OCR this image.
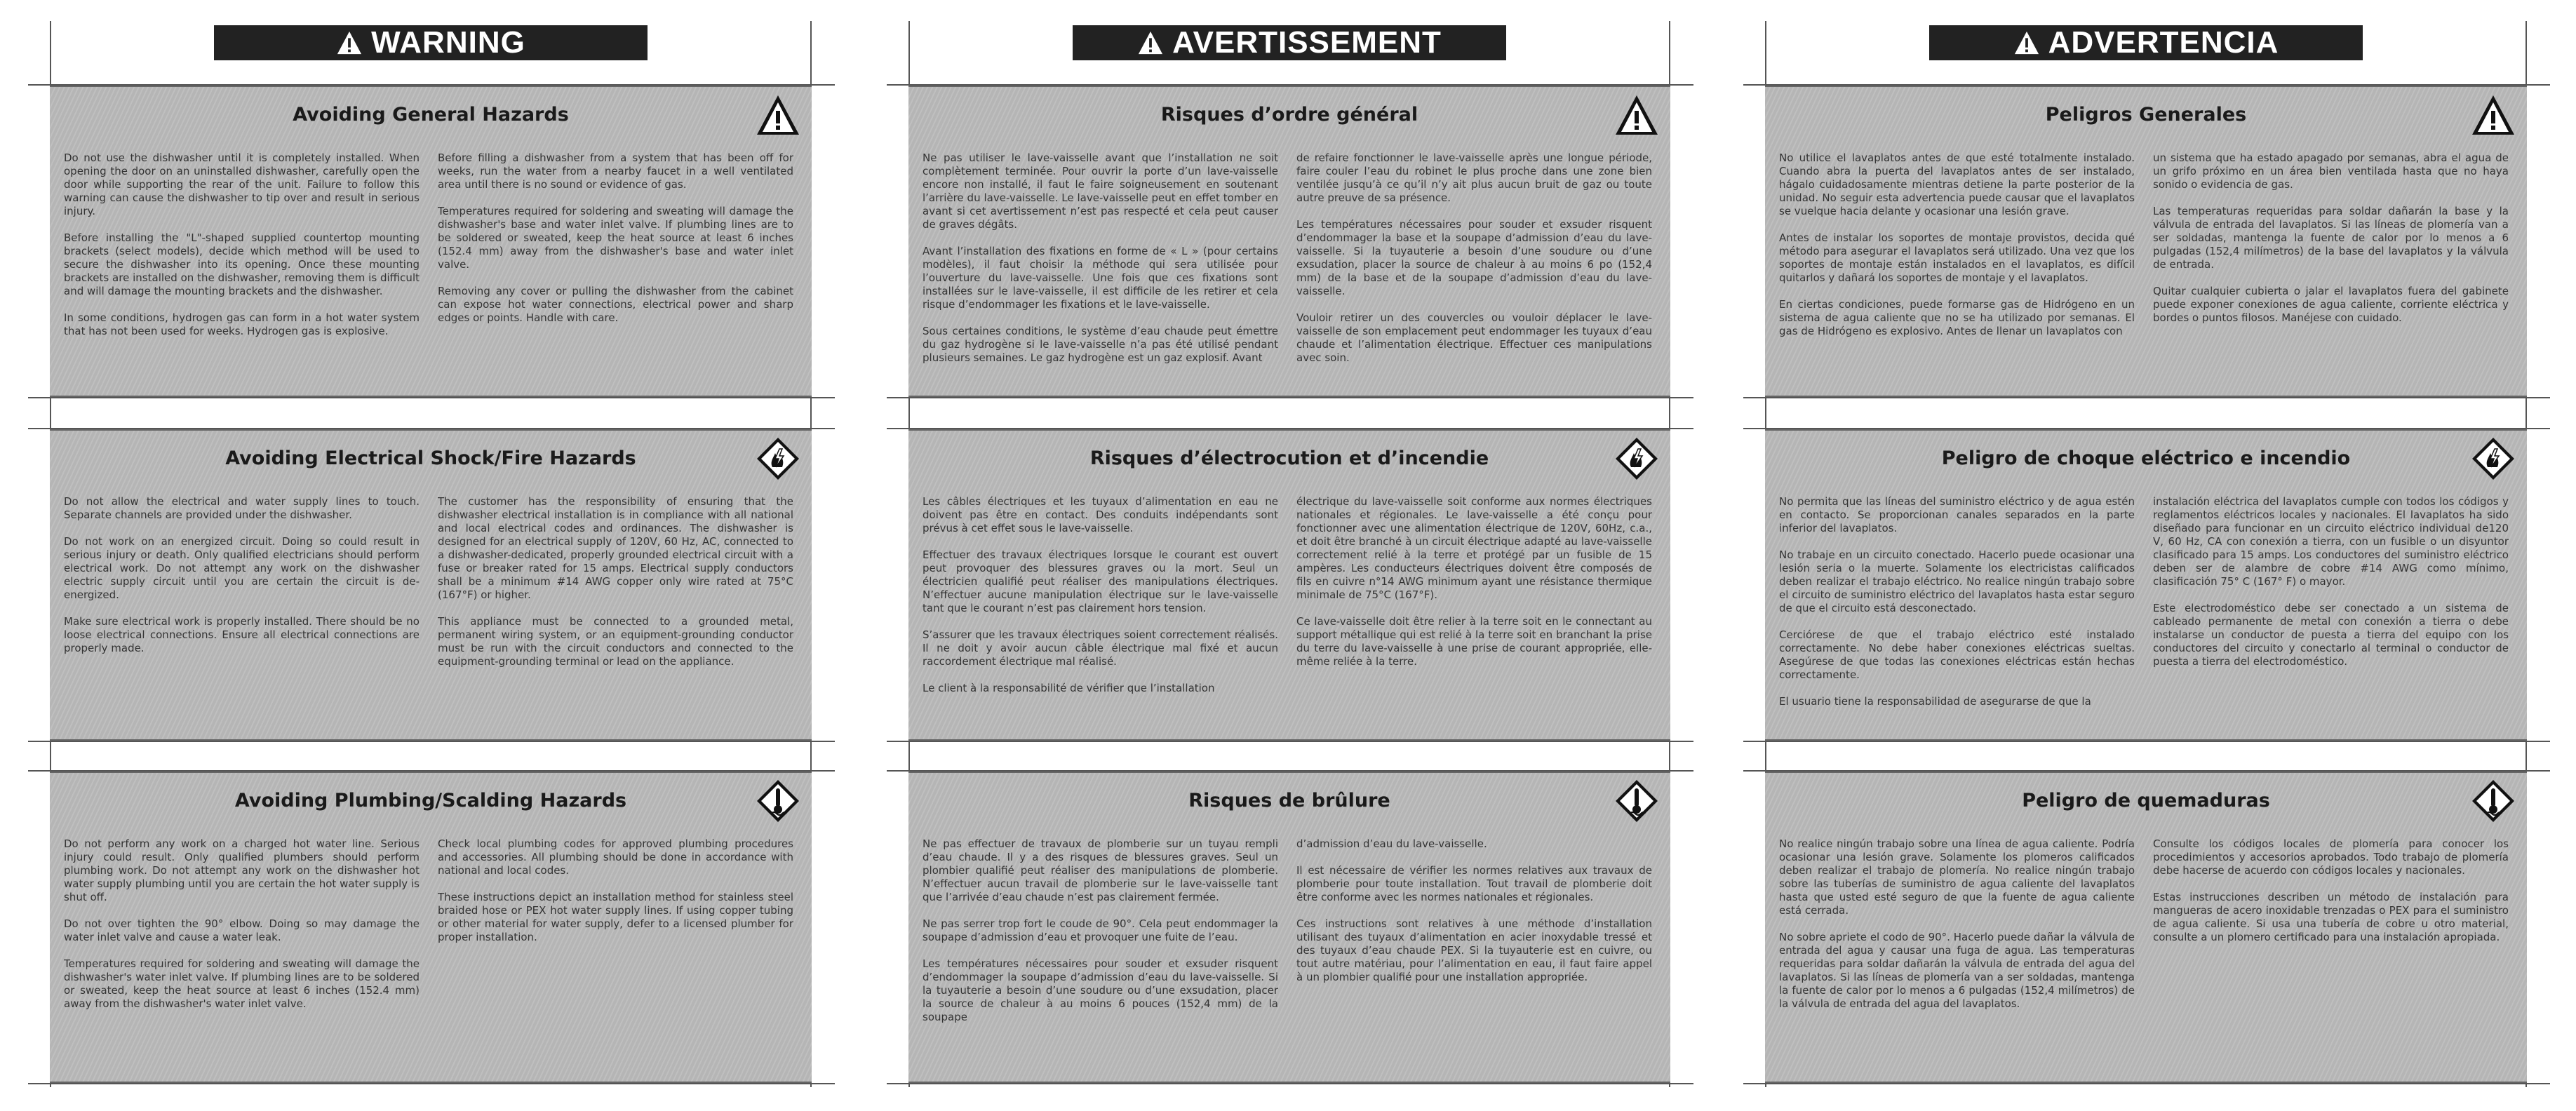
WARNING
Avoiding General Hazards

Do not use the dishwasher until it is completely installed. When opening the door on an uninstalled dishwasher, carefully open the door while supporting the rear of the unit. Failure to follow this warning can cause the dishwasher to tip over and result in serious injury.

Before installing the "L"-shaped supplied countertop mounting brackets (select models), decide which method will be used to secure the dishwasher into its opening. Once these mounting brackets are installed on the dishwasher, removing them is difficult and will damage the mounting brackets and the dishwasher.

In some conditions, hydrogen gas can form in a hot water system that has not been used for weeks. Hydrogen gas is explosive.

Before filling a dishwasher from a system that has been off for weeks, run the water from a nearby faucet in a well ventilated area until there is no sound or evidence of gas.

Temperatures required for soldering and sweating will damage the dishwasher's base and water inlet valve. If plumbing lines are to be soldered or sweated, keep the heat source at least 6 inches (152.4 mm) away from the dishwasher's base and water inlet valve.

Removing any cover or pulling the dishwasher from the cabinet can expose hot water connections, electrical power and sharp edges or points. Handle with care.

Avoiding Electrical Shock/Fire Hazards

Do not allow the electrical and water supply lines to touch. Separate channels are provided under the dishwasher.

Do not work on an energized circuit. Doing so could result in serious injury or death. Only qualified electricians should perform electrical work. Do not attempt any work on the dishwasher electric supply circuit until you are certain the circuit is de-energized.

Make sure electrical work is properly installed. There should be no loose electrical connections. Ensure all electrical connections are properly made.

The customer has the responsibility of ensuring that the dishwasher electrical installation is in compliance with all national and local electrical codes and ordinances. The dishwasher is designed for an electrical supply of 120V, 60 Hz, AC, connected to a dishwasher-dedicated, properly grounded electrical circuit with a fuse or breaker rated for 15 amps. Electrical supply conductors shall be a minimum #14 AWG copper only wire rated at 75°C (167°F) or higher.

This appliance must be connected to a grounded metal, permanent wiring system, or an equipment-grounding conductor must be run with the circuit conductors and connected to the equipment-grounding terminal or lead on the appliance.

Avoiding Plumbing/Scalding Hazards

Do not perform any work on a charged hot water line. Serious injury could result. Only qualified plumbers should perform plumbing work. Do not attempt any work on the dishwasher hot water supply plumbing until you are certain the hot water supply is shut off.

Do not over tighten the 90° elbow. Doing so may damage the water inlet valve and cause a water leak.

Temperatures required for soldering and sweating will damage the dishwasher's water inlet valve. If plumbing lines are to be soldered or sweated, keep the heat source at least 6 inches (152.4 mm) away from the dishwasher's water inlet valve.

Check local plumbing codes for approved plumbing procedures and accessories. All plumbing should be done in accordance with national and local codes.

These instructions depict an installation method for stainless steel braided hose or PEX hot water supply lines. If using copper tubing or other material for water supply, defer to a licensed plumber for proper installation.

AVERTISSEMENT
Risques d’ordre général

Ne pas utiliser le lave-vaisselle avant que l’installation ne soit complètement terminée. Pour ouvrir la porte d’un lave-vaisselle encore non installé, il faut le faire soigneusement en soutenant l’arrière du lave-vaisselle. Le lave-vaisselle peut en effet tomber en avant si cet avertissement n’est pas respecté et cela peut causer de graves dégâts.

Avant l’installation des fixations en forme de « L » (pour certains modèles), il faut choisir la méthode qui sera utilisée pour l’ouverture du lave-vaisselle. Une fois que ces fixations sont installées sur le lave-vaisselle, il est difficile de les retirer et cela risque d’endommager les fixations et le lave-vaisselle.

Sous certaines conditions, le système d’eau chaude peut émettre du gaz hydrogène si le lave-vaisselle n’a pas été utilisé pendant plusieurs semaines. Le gaz hydrogène est un gaz explosif. Avant

de refaire fonctionner le lave-vaisselle après une longue période, faire couler l’eau du robinet le plus proche dans une zone bien ventilée jusqu’à ce qu’il n’y ait plus aucun bruit de gaz ou toute autre preuve de sa présence.

Les températures nécessaires pour souder et exsuder risquent d’endommager la base et la soupape d’admission d’eau du lave-vaisselle. Si la tuyauterie a besoin d’une soudure ou d’une exsudation, placer la source de chaleur à au moins 6 po (152,4 mm) de la base et de la soupape d’admission d’eau du lave-vaisselle.

Vouloir retirer un des couvercles ou vouloir déplacer le lave-vaisselle de son emplacement peut endommager les tuyaux d’eau chaude et l’alimentation électrique. Effectuer ces manipulations avec soin.

Risques d’électrocution et d’incendie

Les câbles électriques et les tuyaux d’alimentation en eau ne doivent pas être en contact. Des conduits indépendants sont prévus à cet effet sous le lave-vaisselle.

Effectuer des travaux électriques lorsque le courant est ouvert peut provoquer des blessures graves ou la mort. Seul un électricien qualifié peut réaliser des manipulations électriques. N’effectuer aucune manipulation électrique sur le lave-vaisselle tant que le courant n’est pas clairement hors tension.

S’assurer que les travaux électriques soient correctement réalisés. Il ne doit y avoir aucun câble électrique mal fixé et aucun raccordement électrique mal réalisé.

Le client à la responsabilité de vérifier que l’installation

électrique du lave-vaisselle soit conforme aux normes électriques nationales et régionales. Le lave-vaisselle a été conçu pour fonctionner avec une alimentation électrique de 120V, 60Hz, c.a., et doit être branché à un circuit électrique adapté au lave-vaisselle correctement relié à la terre et protégé par un fusible de 15 ampères. Les conducteurs électriques doivent être composés de fils en cuivre n°14 AWG minimum ayant une résistance thermique minimale de 75°C (167°F).

Ce lave-vaisselle doit être relier à la terre soit en le connectant au support métallique qui est relié à la terre soit en branchant la prise du terre du lave-vaisselle à une prise de courant appropriée, elle- même reliée à la terre.

Risques de brûlure

Ne pas effectuer de travaux de plomberie sur un tuyau rempli d’eau chaude. Il y a des risques de blessures graves. Seul un plombier qualifié peut réaliser des manipulations de plomberie. N’effectuer aucun travail de plomberie sur le lave-vaisselle tant que l’arrivée d’eau chaude n’est pas clairement fermée.

Ne pas serrer trop fort le coude de 90°. Cela peut endommager la soupape d’admission d’eau et provoquer une fuite de l’eau.

Les températures nécessaires pour souder et exsuder risquent d’endommager la soupape d’admission d’eau du lave-vaisselle. Si la tuyauterie a besoin d’une soudure ou d’une exsudation, placer la source de chaleur à au moins 6 pouces (152,4 mm) de la soupape

d’admission d’eau du lave-vaisselle.

Il est nécessaire de vérifier les normes relatives aux travaux de plomberie pour toute installation. Tout travail de plomberie doit être conforme avec les normes nationales et régionales.

Ces instructions sont relatives à une méthode d’installation utilisant des tuyaux d’alimentation en acier inoxydable tressé et des tuyaux d’eau chaude PEX. Si la tuyauterie est en cuivre, ou tout autre matériau, pour l’alimentation en eau, il faut faire appel à un plombier qualifié pour une installation appropriée.

ADVERTENCIA
Peligros Generales

No utilice el lavaplatos antes de que esté totalmente instalado. Cuando abra la puerta del lavaplatos antes de ser instalado, hágalo cuidadosamente mientras detiene la parte posterior de la unidad. No seguir esta advertencia puede causar que el lavaplatos se vuelque hacia delante y ocasionar una lesión grave.

Antes de instalar los soportes de montaje provistos, decida qué método para asegurar el lavaplatos será utilizado. Una vez que los soportes de montaje están instalados en el lavaplatos, es difícil quitarlos y dañará los soportes de montaje y el lavaplatos.

En ciertas condiciones, puede formarse gas de Hidrógeno en un sistema de agua caliente que no se ha utilizado por semanas. El gas de Hidrógeno es explosivo. Antes de llenar un lavaplatos con

un sistema que ha estado apagado por semanas, abra el agua de un grifo próximo en un área bien ventilada hasta que no haya sonido o evidencia de gas.

Las temperaturas requeridas para soldar dañarán la base y la válvula de entrada del lavaplatos. Si las líneas de plomería van a ser soldadas, mantenga la fuente de calor por lo menos a 6 pulgadas (152,4 milímetros) de la base del lavaplatos y la válvula de entrada.

Quitar cualquier cubierta o jalar el lavaplatos fuera del gabinete puede exponer conexiones de agua caliente, corriente eléctrica y bordes o puntos filosos. Manéjese con cuidado.

Peligro de choque eléctrico e incendio

No permita que las líneas del suministro eléctrico y de agua estén en contacto. Se proporcionan canales separados en la parte inferior del lavaplatos.

No trabaje en un circuito conectado. Hacerlo puede ocasionar una lesión seria o la muerte. Solamente los electricistas calificados deben realizar el trabajo eléctrico. No realice ningún trabajo sobre el circuito de suministro eléctrico del lavaplatos hasta estar seguro de que el circuito está desconectado.

Cerciórese de que el trabajo eléctrico esté instalado correctamente. No debe haber conexiones eléctricas sueltas. Asegúrese de que todas las conexiones eléctricas están hechas correctamente.

El usuario tiene la responsabilidad de asegurarse de que la

instalación eléctrica del lavaplatos cumple con todos los códigos y reglamentos eléctricos locales y nacionales. El lavaplatos ha sido diseñado para funcionar en un circuito eléctrico individual de120 V, 60 Hz, CA con conexión a tierra, con un fusible o un disyuntor clasificado para 15 amps. Los conductores del suministro eléctrico deben ser de alambre de cobre #14 AWG como mínimo, clasificación 75° C (167° F) o mayor.

Este electrodoméstico debe ser conectado a un sistema de cableado permanente de metal con conexión a tierra o debe instalarse un conductor de puesta a tierra del equipo con los conductores del circuito y conectarlo al terminal o conductor de puesta a tierra del electrodoméstico.

Peligro de quemaduras

No realice ningún trabajo sobre una línea de agua caliente. Podría ocasionar una lesión grave. Solamente los plomeros calificados deben realizar el trabajo de plomería. No realice ningún trabajo sobre las tuberías de suministro de agua caliente del lavaplatos hasta que usted esté seguro de que la fuente de agua caliente está cerrada.

No sobre apriete el codo de 90°. Hacerlo puede dañar la válvula de entrada del agua y causar una fuga de agua. Las temperaturas requeridas para soldar dañarán la válvula de entrada del agua del lavaplatos. Si las líneas de plomería van a ser soldadas, mantenga la fuente de calor por lo menos a 6 pulgadas (152,4 milímetros) de la válvula de entrada del agua del lavaplatos.

Consulte los códigos locales de plomería para conocer los procedimientos y accesorios aprobados. Todo trabajo de plomería debe hacerse de acuerdo con códigos locales y nacionales.

Estas instrucciones describen un método de instalación para mangueras de acero inoxidable trenzadas o PEX para el suministro de agua caliente. Si usa una tubería de cobre u otro material, consulte a un plomero certificado para una instalación apropiada.
